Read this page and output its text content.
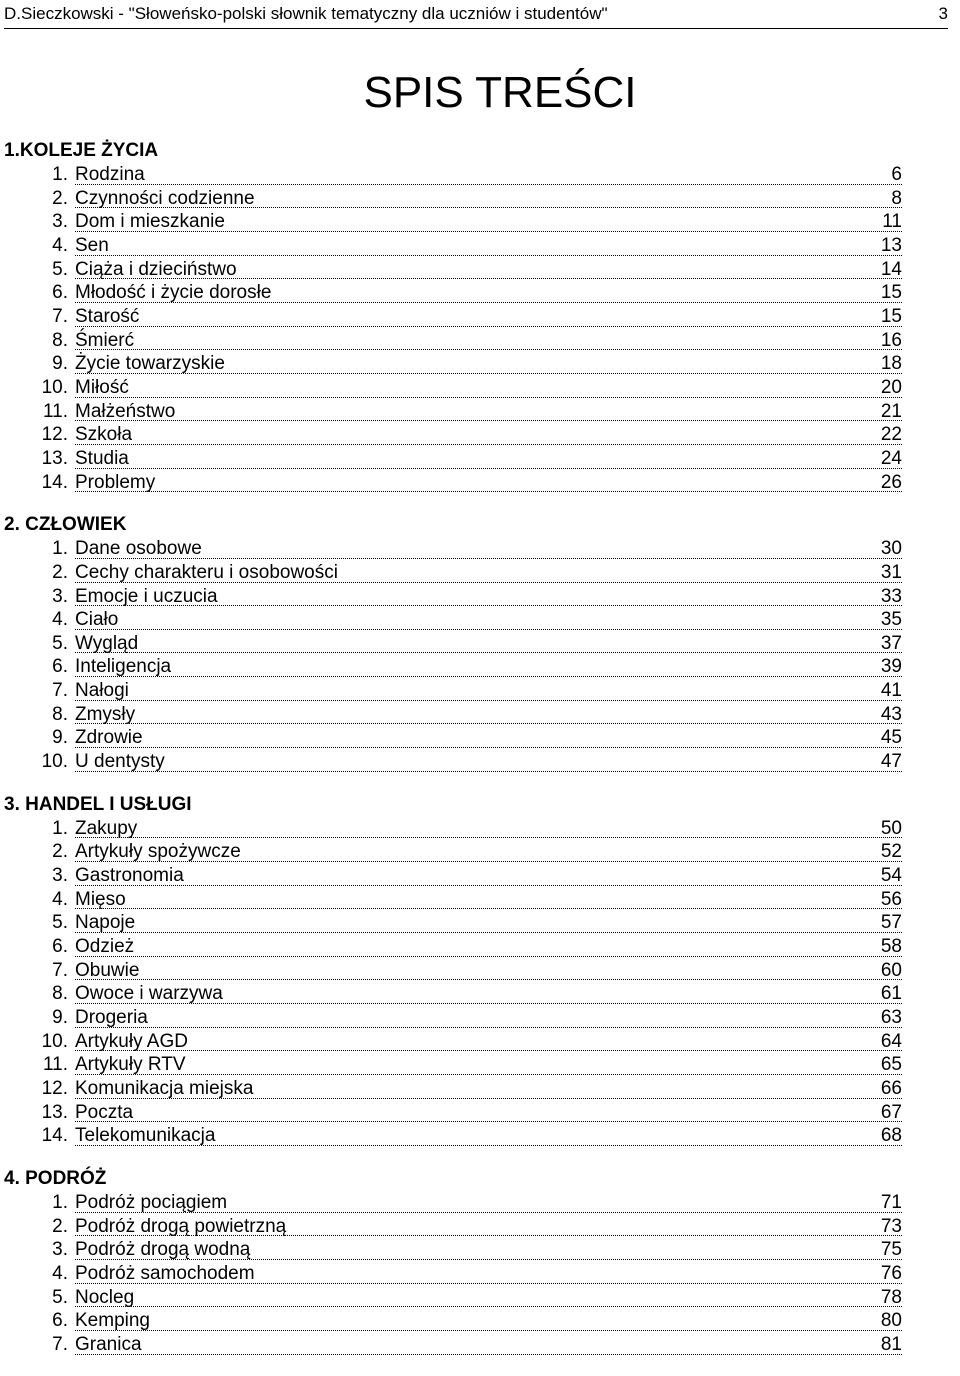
D.Sieczkowski - "Słoweńsko-polski słownik tematyczny dla uczniów i studentów"	3
SPIS TREŚCI
1.KOLEJE ŻYCIA
1. Rodzina	6
2. Czynności codzienne	8
3. Dom i mieszkanie	11
4. Sen	13
5. Ciąża i dzieciństwo	14
6. Młodość i życie dorosłe	15
7. Starość	15
8. Śmierć	16
9. Życie towarzyskie	18
10. Miłość	20
11. Małżeństwo	21
12. Szkoła	22
13. Studia	24
14. Problemy	26
2. CZŁOWIEK
1. Dane osobowe	30
2. Cechy charakteru i osobowości	31
3. Emocje i uczucia	33
4. Ciało	35
5. Wygląd	37
6. Inteligencja	39
7. Nałogi	41
8. Zmysły	43
9. Zdrowie	45
10. U dentysty	47
3. HANDEL I USŁUGI
1. Zakupy	50
2. Artykuły spożywcze	52
3. Gastronomia	54
4. Mięso	56
5. Napoje	57
6. Odzież	58
7. Obuwie	60
8. Owoce i warzywa	61
9. Drogeria	63
10. Artykuły AGD	64
11. Artykuły RTV	65
12. Komunikacja miejska	66
13. Poczta	67
14. Telekomunikacja	68
4. PODRÓŻ
1. Podróż pociągiem	71
2. Podróż drogą powietrzną	73
3. Podróż drogą wodną	75
4. Podróż samochodem	76
5. Nocleg	78
6. Kemping	80
7. Granica	81
